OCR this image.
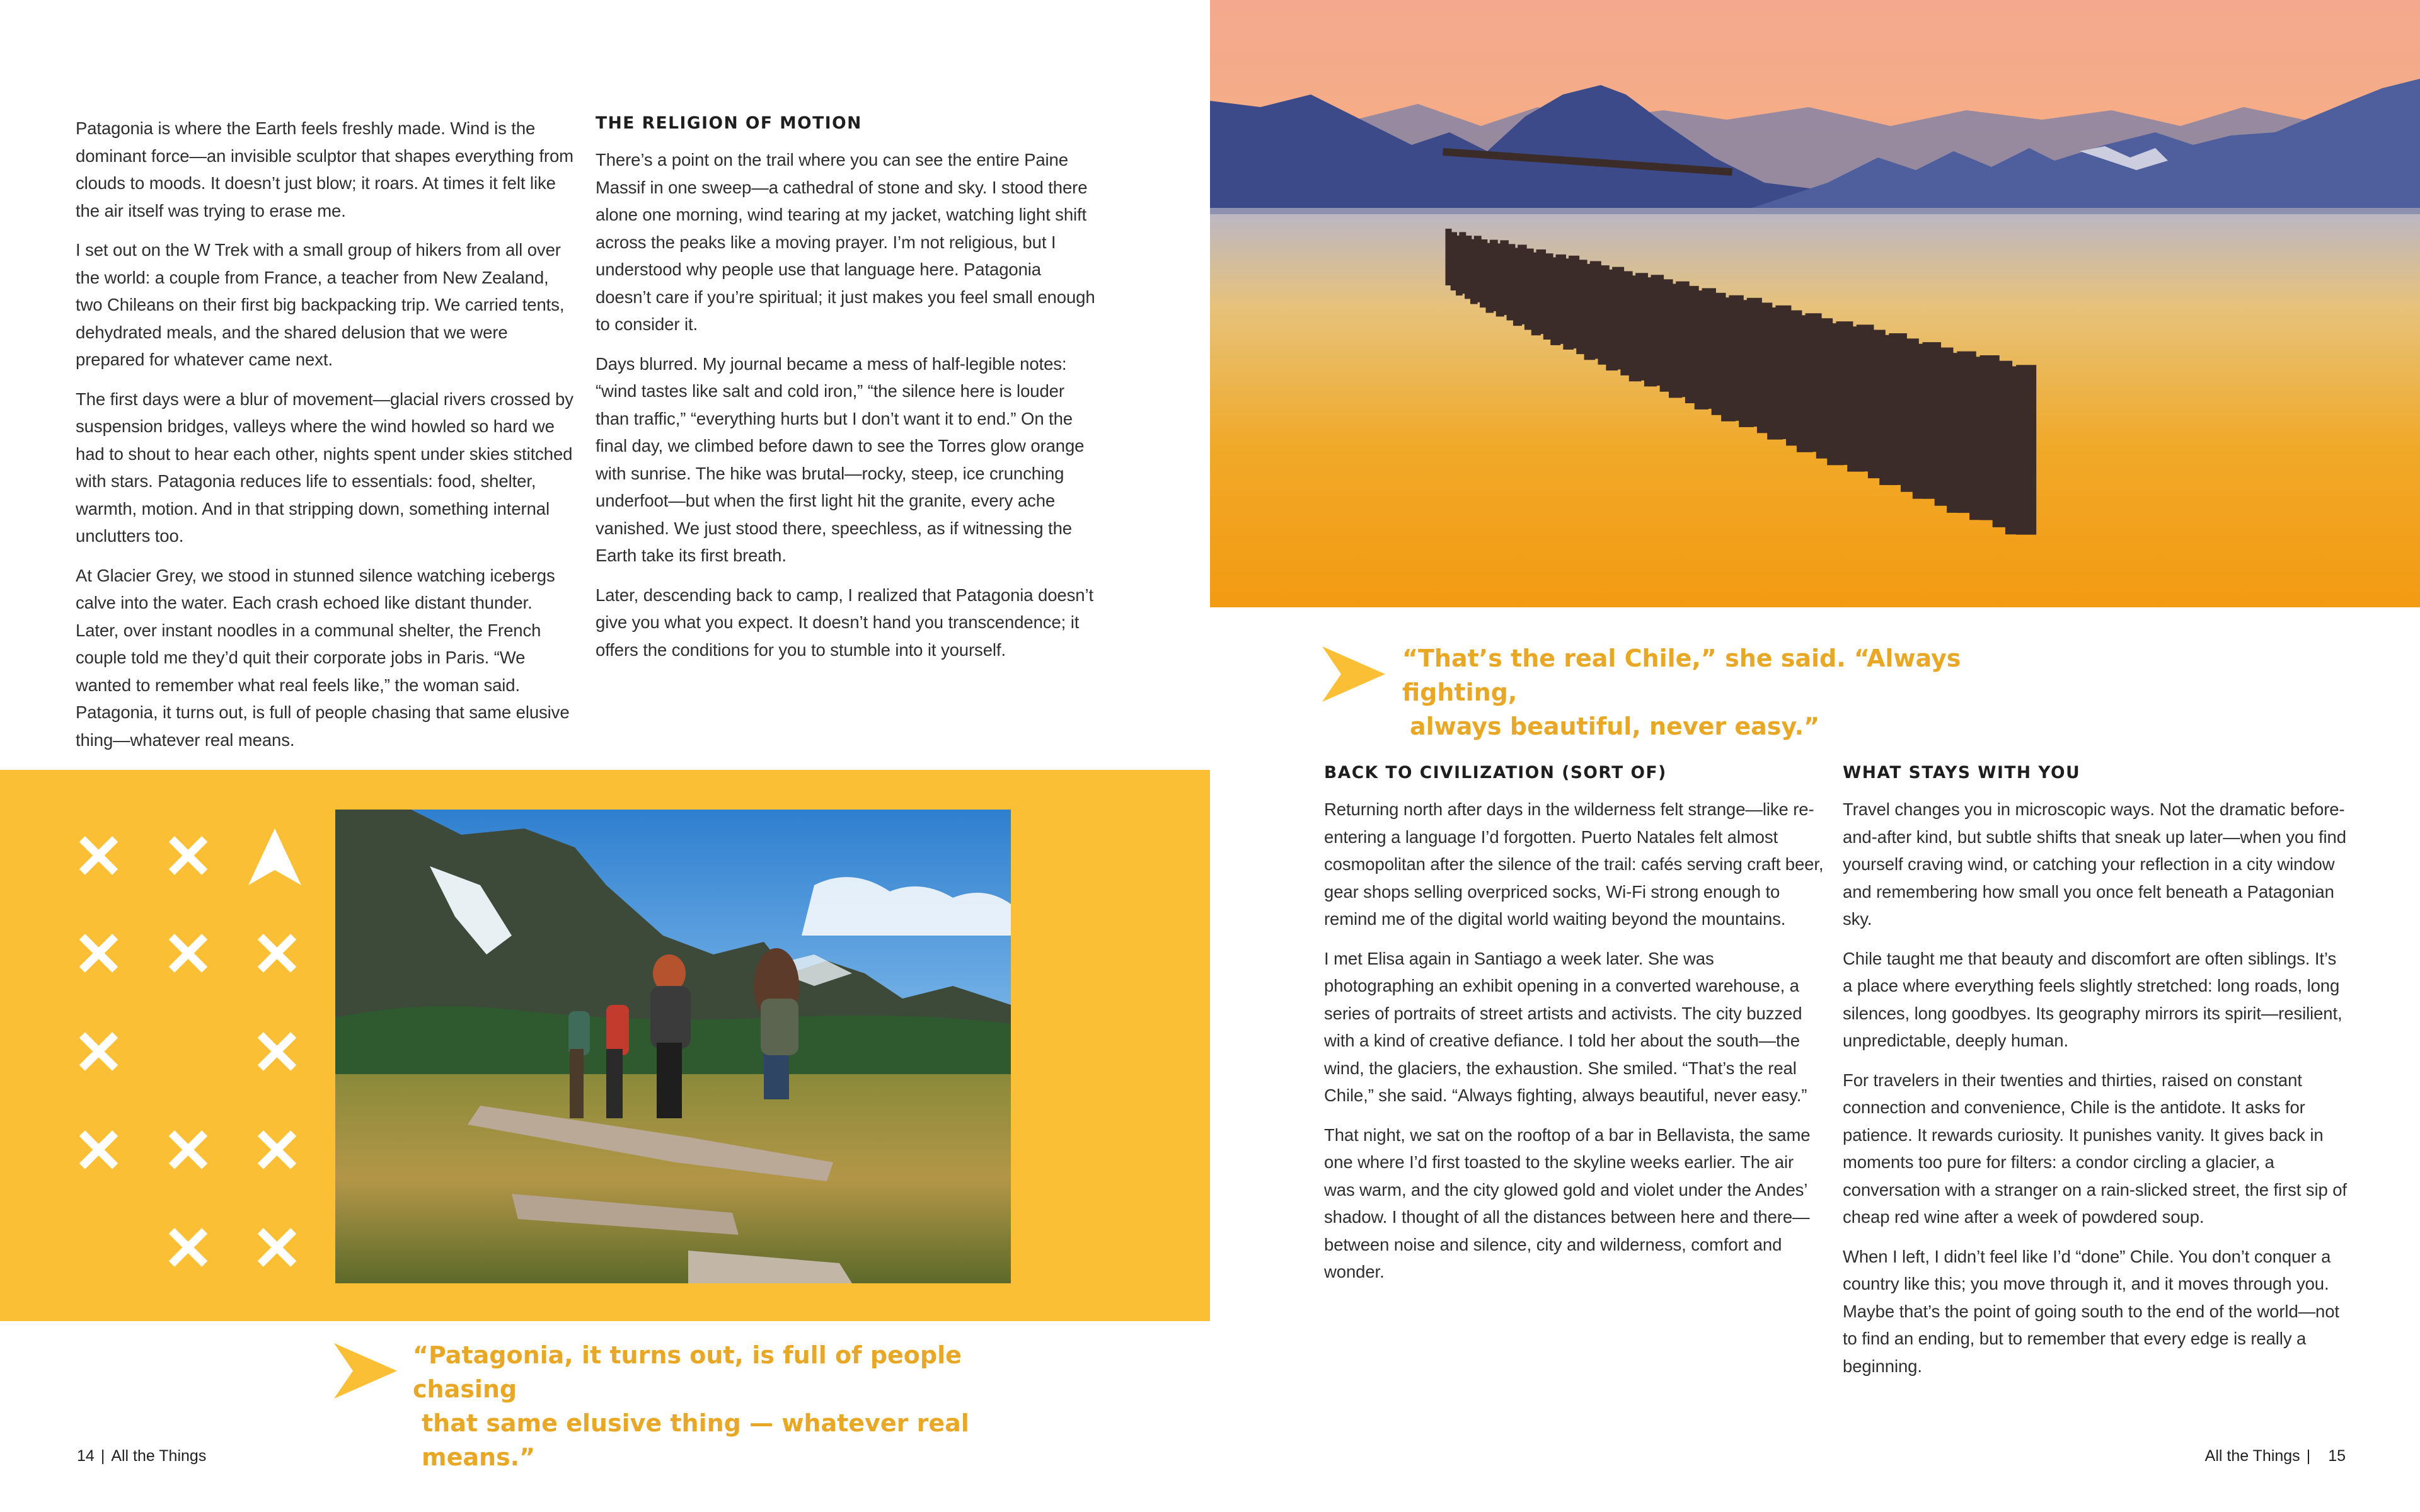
Patagonia is where the Earth feels freshly made. Wind is the dominant force—an invisible sculptor that shapes everything from clouds to moods. It doesn’t just blow; it roars. At times it felt like the air itself was trying to erase me.

I set out on the W Trek with a small group of hikers from all over the world: a couple from France, a teacher from New Zealand, two Chileans on their first big backpacking trip. We carried tents, dehydrated meals, and the shared delusion that we were prepared for whatever came next.

The first days were a blur of movement—glacial rivers crossed by suspension bridges, valleys where the wind howled so hard we had to shout to hear each other, nights spent under skies stitched with stars. Patagonia reduces life to essentials: food, shelter, warmth, motion. And in that stripping down, something internal unclutters too.

At Glacier Grey, we stood in stunned silence watching icebergs calve into the water. Each crash echoed like distant thunder. Later, over instant noodles in a communal shelter, the French couple told me they’d quit their corporate jobs in Paris. “We wanted to remember what real feels like,” the woman said. Patagonia, it turns out, is full of people chasing that same elusive thing—whatever real means.

THE RELIGION OF MOTION

There’s a point on the trail where you can see the entire Paine Massif in one sweep—a cathedral of stone and sky. I stood there alone one morning, wind tearing at my jacket, watching light shift across the peaks like a moving prayer. I’m not religious, but I understood why people use that language here. Patagonia doesn’t care if you’re spiritual; it just makes you feel small enough to consider it.

Days blurred. My journal became a mess of half-legible notes: “wind tastes like salt and cold iron,” “the silence here is louder than traffic,” “everything hurts but I don’t want it to end.” On the final day, we climbed before dawn to see the Torres glow orange with sunrise. The hike was brutal—rocky, steep, ice crunching underfoot—but when the first light hit the granite, every ache vanished. We just stood there, speechless, as if witnessing the Earth take its first breath.

Later, descending back to camp, I realized that Patagonia doesn’t give you what you expect. It doesn’t hand you transcendence; it offers the conditions for you to stumble into it yourself.	“That’s the real Chile,” she said. “Always fighting,
always beautiful, never easy.”
BACK TO CIVILIZATION (SORT OF)

Returning north after days in the wilderness felt strange—like re-entering a language I’d forgotten. Puerto Natales felt almost cosmopolitan after the silence of the trail: cafés serving craft beer, gear shops selling overpriced socks, Wi-Fi strong enough to remind me of the digital world waiting beyond the mountains.

I met Elisa again in Santiago a week later. She was photographing an exhibit opening in a converted warehouse, a series of portraits of street artists and activists. The city buzzed with a kind of creative defiance. I told her about the south—the wind, the glaciers, the exhaustion. She smiled. “That’s the real Chile,” she said. “Always fighting, always beautiful, never easy.”

That night, we sat on the rooftop of a bar in Bellavista, the same one where I’d first toasted to the skyline weeks earlier. The air was warm, and the city glowed gold and violet under the Andes’ shadow. I thought of all the distances between here and there—between noise and silence, city and wilderness, comfort and wonder.

WHAT STAYS WITH YOU

Travel changes you in microscopic ways. Not the dramatic before-and-after kind, but subtle shifts that sneak up later—when you find yourself craving wind, or catching your reflection in a city window and remembering how small you once felt beneath a Patagonian sky.

Chile taught me that beauty and discomfort are often siblings. It’s a place where everything feels slightly stretched: long roads, long silences, long goodbyes. Its geography mirrors its spirit—resilient, unpredictable, deeply human.

For travelers in their twenties and thirties, raised on constant connection and convenience, Chile is the antidote. It asks for patience. It rewards curiosity. It punishes vanity. It gives back in moments too pure for filters: a condor circling a glacier, a conversation with a stranger on a rain-slicked street, the first sip of cheap red wine after a week of powdered soup.

When I left, I didn’t feel like I’d “done” Chile. You don’t conquer a country like this; you move through it, and it moves through you. Maybe that’s the point of going south to the end of the world—not to find an ending, but to remember that every edge is really a beginning.

“Patagonia, it turns out, is full of people chasing
that same elusive thing — whatever real means.”
14 | All the Things	All the Things | 15
